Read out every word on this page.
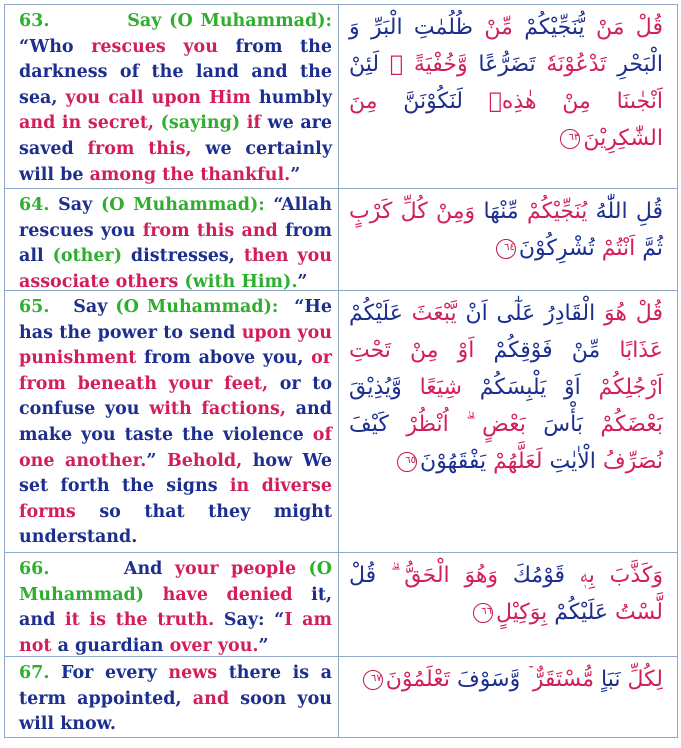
63.          Say (O Muhammad): “Who rescues you from the darkness of the land and the sea, you call upon Him humbly and in secret, (saying) if we are saved from this, we certainly will be among the thankful.”
قُلْ مَنْ يُّنَجِّيْكُمْ مِّنْ ظُلُمٰتِ الْبَرِّ وَ الْبَحْرِ تَدْعُوْنَهٗ تَضَرُّعًا وَّخُفْيَةً ۚ لَئِنْ اَنْجٰىنَا مِنْ هٰذِهٖ لَنَكُوْنَنَّ مِنَ الشّٰكِرِيْنَ٦٣
64. Say (O Muhammad): “Allah rescues you from this and from all (other) distresses, then you associate others (with Him).”
قُلِ اللّٰهُ يُنَجِّيْكُمْ مِّنْهَا وَمِنْ كُلِّ كَرْبٍ ثُمَّ اَنْتُمْ تُشْرِكُوْنَ٦٤
65.   Say (O Muhammad):  “He has the power to send upon you punishment from above you, or from beneath your feet, or to confuse you with factions, and make you taste the violence of one another.” Behold, how We set forth the signs in diverse forms so that they might understand.
قُلْ هُوَ الْقَادِرُ عَلٰٓى اَنْ يَّبْعَثَ عَلَيْكُمْ عَذَابًا مِّنْ فَوْقِكُمْ اَوْ مِنْ تَحْتِ اَرْجُلِكُمْ اَوْ يَلْبِسَكُمْ شِيَعًا وَّيُذِيْقَ بَعْضَكُمْ بَأْسَ بَعْضٍ ۗ اُنْظُرْ كَيْفَ نُصَرِّفُ الْاٰيٰتِ لَعَلَّهُمْ يَفْقَهُوْنَ٦٥
66.      And your people (O Muhammad) have denied it, and it is the truth. Say: “I am not a guardian over you.”
وَكَذَّبَ بِهٖ قَوْمُكَ وَهُوَ الْحَقُّ ۗ قُلْ لَّسْتُ عَلَيْكُمْ بِوَكِيْلٍ٦٦
67. For every news there is a term appointed, and soon you will know.
لِكُلِّ نَبَاٍ مُّسْتَقَرٌّ ۡ وَّسَوْفَ تَعْلَمُوْنَ٦٧
